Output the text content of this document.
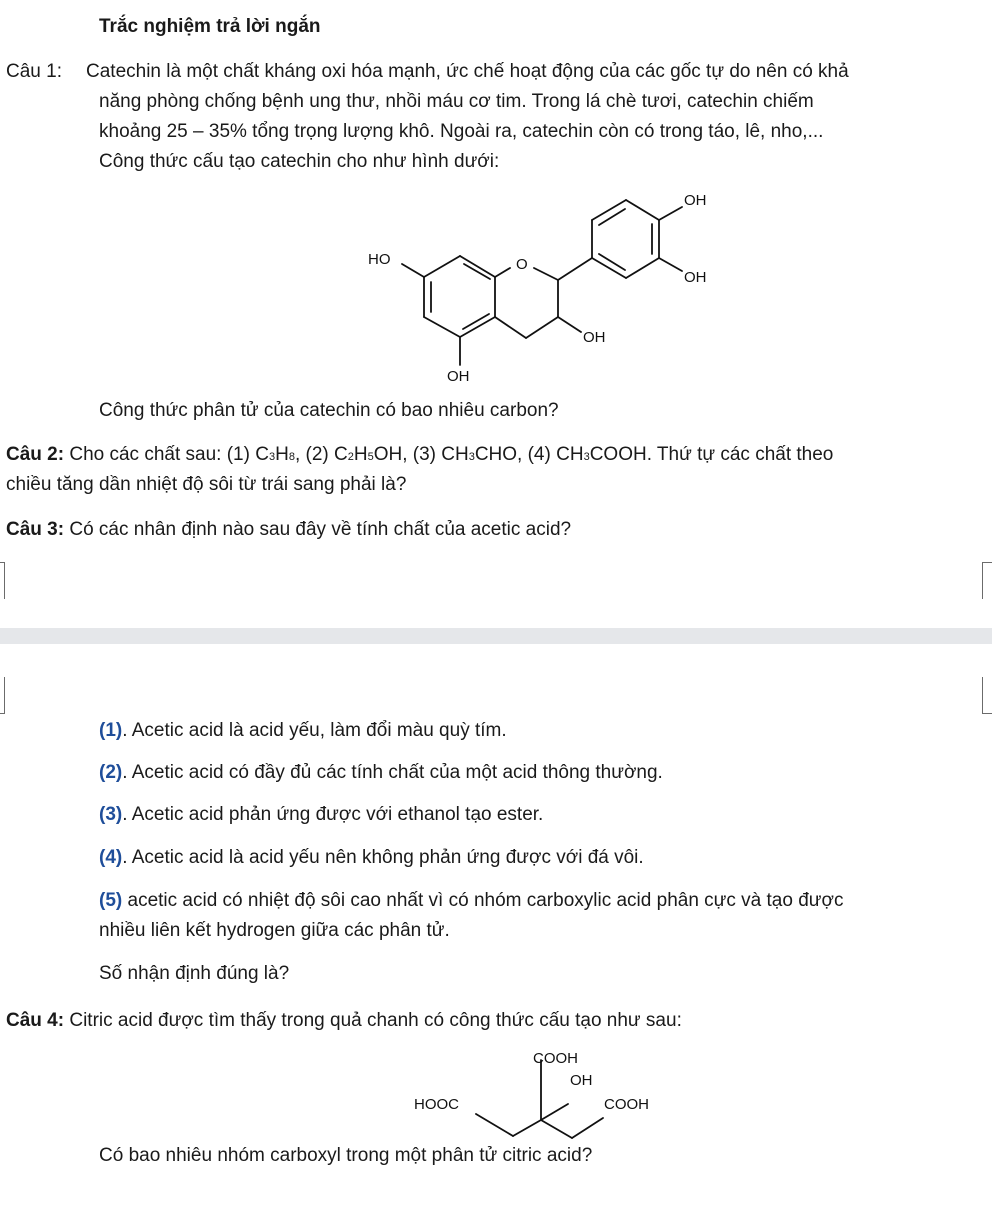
Trắc nghiệm trả lời ngắn
Câu 1: Catechin là một chất kháng oxi hóa mạnh, ức chế hoạt động của các gốc tự do nên có khả
năng phòng chống bệnh ung thư, nhồi máu cơ tim. Trong lá chè tươi, catechin chiếm
khoảng 25 – 35% tổng trọng lượng khô. Ngoài ra, catechin còn có trong táo, lê, nho,...
Công thức cấu tạo catechin cho như hình dưới:
HO	O
OH
OH
OH
OH
Công thức phân tử của catechin có bao nhiêu carbon?
Câu 2: Cho các chất sau: (1) C3H8, (2) C2H5OH, (3) CH3CHO, (4) CH3COOH. Thứ tự các chất theo
chiều tăng dần nhiệt độ sôi từ trái sang phải là?
Câu 3: Có các nhân định nào sau đây về tính chất của acetic acid?
(1). Acetic acid là acid yếu, làm đổi màu quỳ tím.
(2). Acetic acid có đầy đủ các tính chất của một acid thông thường.
(3). Acetic acid phản ứng được với ethanol tạo ester.
(4). Acetic acid là acid yếu nên không phản ứng được với đá vôi.
(5) acetic acid có nhiệt độ sôi cao nhất vì có nhóm carboxylic acid phân cực và tạo được
nhiều liên kết hydrogen giữa các phân tử.
Số nhận định đúng là?
Câu 4: Citric acid được tìm thấy trong quả chanh có công thức cấu tạo như sau:
COOH
OH
HOOC	COOH
Có bao nhiêu nhóm carboxyl trong một phân tử citric acid?
